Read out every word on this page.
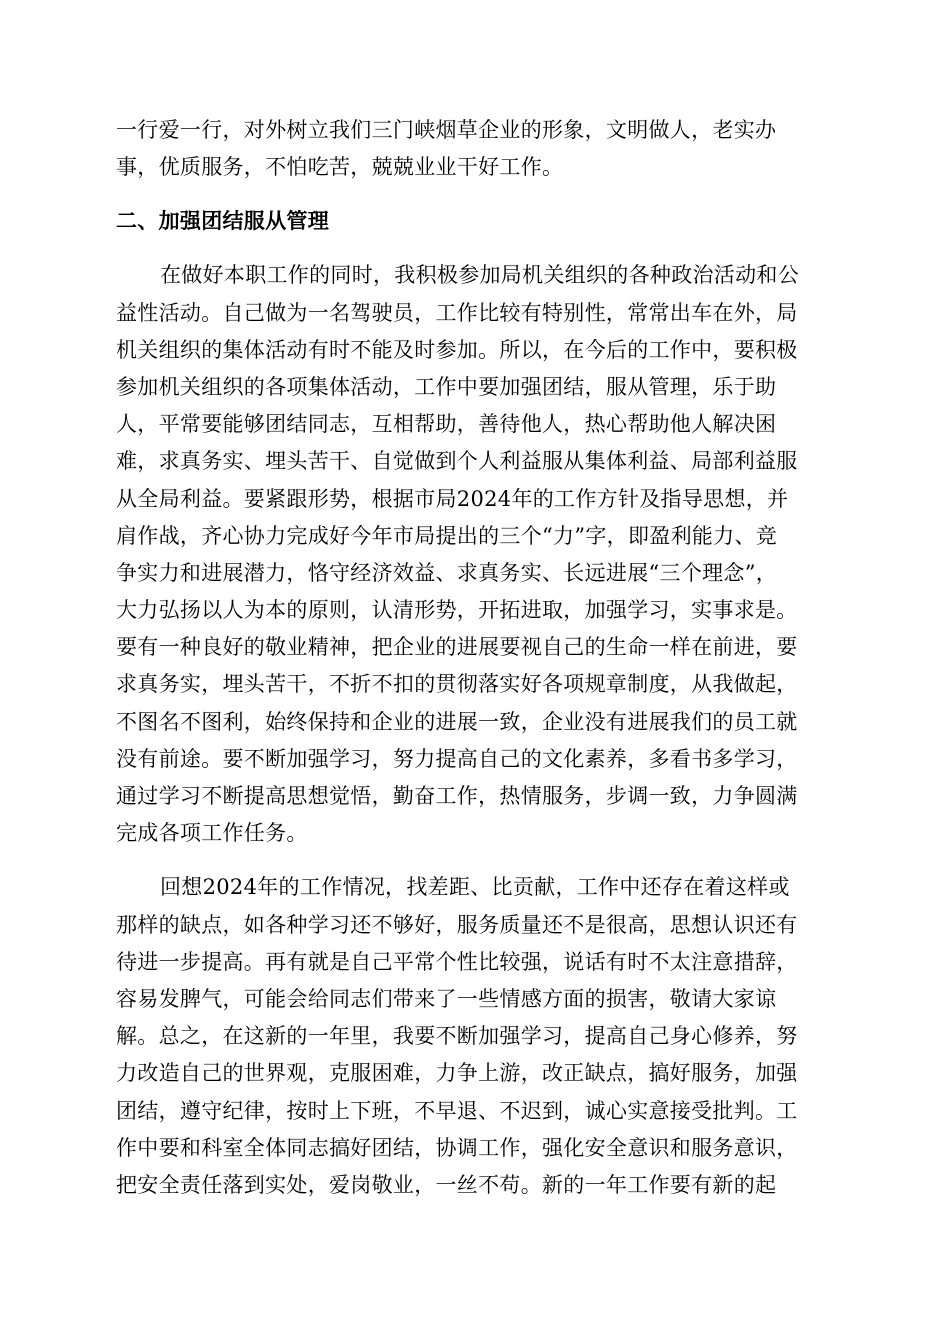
一行爱一行，对外树立我们三门峡烟草企业的形象，文明做人，老实办
事，优质服务，不怕吃苦，兢兢业业干好工作。
二、加强团结服从管理
在做好本职工作的同时，我积极参加局机关组织的各种政治活动和公
益性活动。自己做为一名驾驶员，工作比较有特别性，常常出车在外，局
机关组织的集体活动有时不能及时参加。所以，在今后的工作中，要积极
参加机关组织的各项集体活动，工作中要加强团结，服从管理，乐于助
人，平常要能够团结同志，互相帮助，善待他人，热心帮助他人解决困
难，求真务实、埋头苦干、自觉做到个人利益服从集体利益、局部利益服
从全局利益。要紧跟形势，根据市局2024年的工作方针及指导思想，并
肩作战，齐心协力完成好今年市局提出的三个“力”字，即盈利能力、竞
争实力和进展潜力，恪守经济效益、求真务实、长远进展“三个理念”，
大力弘扬以人为本的原则，认清形势，开拓进取，加强学习，实事求是。
要有一种良好的敬业精神，把企业的进展要视自己的生命一样在前进，要
求真务实，埋头苦干，不折不扣的贯彻落实好各项规章制度，从我做起，
不图名不图利，始终保持和企业的进展一致，企业没有进展我们的员工就
没有前途。要不断加强学习，努力提高自己的文化素养，多看书多学习，
通过学习不断提高思想觉悟，勤奋工作，热情服务，步调一致，力争圆满
完成各项工作任务。
回想2024年的工作情况，找差距、比贡献，工作中还存在着这样或
那样的缺点，如各种学习还不够好，服务质量还不是很高，思想认识还有
待进一步提高。再有就是自己平常个性比较强，说话有时不太注意措辞，
容易发脾气，可能会给同志们带来了一些情感方面的损害，敬请大家谅
解。总之，在这新的一年里，我要不断加强学习，提高自己身心修养，努
力改造自己的世界观，克服困难，力争上游，改正缺点，搞好服务，加强
团结，遵守纪律，按时上下班，不早退、不迟到，诚心实意接受批判。工
作中要和科室全体同志搞好团结，协调工作，强化安全意识和服务意识，
把安全责任落到实处，爱岗敬业，一丝不苟。新的一年工作要有新的起
